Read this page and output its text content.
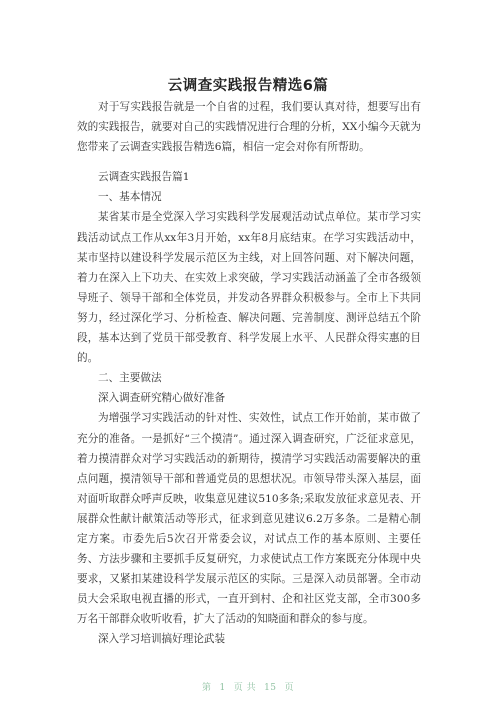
云调查实践报告精选6篇

对于写实践报告就是一个自省的过程，我们要认真对待，想要写出有效的实践报告，就要对自己的实践情况进行合理的分析，XX小编今天就为您带来了云调查实践报告精选6篇，相信一定会对你有所帮助。

云调查实践报告篇1

一、基本情况

某省某市是全党深入学习实践科学发展观活动试点单位。某市学习实践活动试点工作从xx年3月开始，xx年8月底结束。在学习实践活动中，某市坚持以建设科学发展示范区为主线，对上回答问题、对下解决问题，着力在深入上下功夫、在实效上求突破，学习实践活动涵盖了全市各级领导班子、领导干部和全体党员，并发动各界群众积极参与。全市上下共同努力，经过深化学习、分析检查、解决问题、完善制度、测评总结五个阶段，基本达到了党员干部受教育、科学发展上水平、人民群众得实惠的目的。

二、主要做法

深入调查研究精心做好准备

为增强学习实践活动的针对性、实效性，试点工作开始前，某市做了充分的准备。一是抓好“三个摸清”。通过深入调查研究，广泛征求意见，着力摸清群众对学习实践活动的新期待，摸清学习实践活动需要解决的重点问题，摸清领导干部和普通党员的思想状况。市领导带头深入基层，面对面听取群众呼声反映，收集意见建议510多条;采取发放征求意见表、开展群众性献计献策活动等形式，征求到意见建议6.2万多条。二是精心制定方案。市委先后5次召开常委会议，对试点工作的基本原则、主要任务、方法步骤和主要抓手反复研究，力求使试点工作方案既充分体现中央要求，又紧扣某建设科学发展示范区的实际。三是深入动员部署。全市动员大会采取电视直播的形式，一直开到村、企和社区党支部，全市300多万名干部群众收听收看，扩大了活动的知晓面和群众的参与度。

深入学习培训搞好理论武装

第 1 页 共 15 页
